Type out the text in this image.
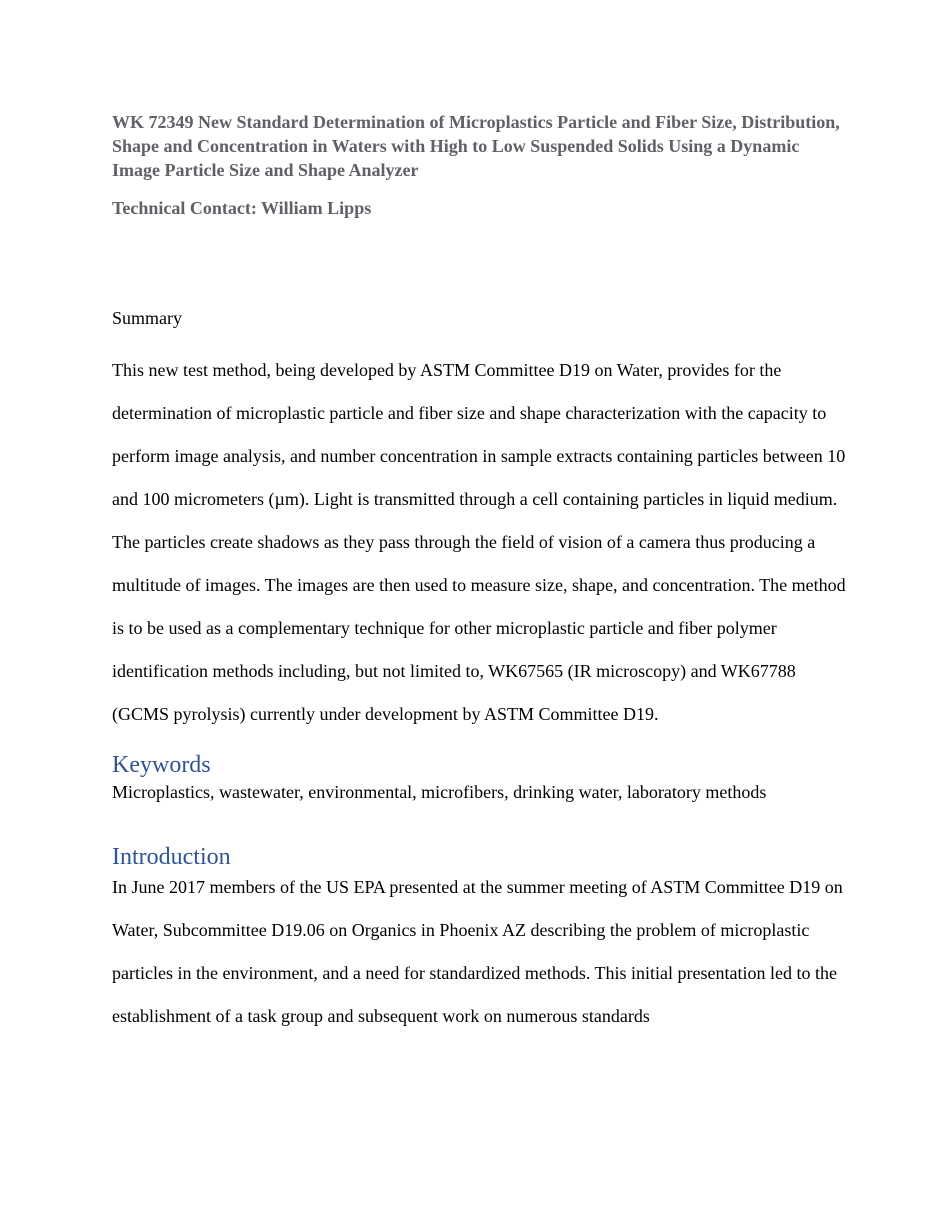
WK 72349 New Standard Determination of Microplastics Particle and Fiber Size, Distribution, Shape and Concentration in Waters with High to Low Suspended Solids Using a Dynamic Image Particle Size and Shape Analyzer

Technical Contact: William Lipps

Summary

This new test method, being developed by ASTM Committee D19 on Water, provides for the determination of microplastic particle and fiber size and shape characterization with the capacity to perform image analysis, and number concentration in sample extracts containing particles between 10 and 100 micrometers (µm). Light is transmitted through a cell containing particles in liquid medium. The particles create shadows as they pass through the field of vision of a camera thus producing a multitude of images. The images are then used to measure size, shape, and concentration. The method is to be used as a complementary technique for other microplastic particle and fiber polymer identification methods including, but not limited to, WK67565 (IR microscopy) and WK67788 (GCMS pyrolysis) currently under development by ASTM Committee D19.

Keywords

Microplastics, wastewater, environmental, microfibers, drinking water, laboratory methods

Introduction

In June 2017 members of the US EPA presented at the summer meeting of ASTM Committee D19 on Water, Subcommittee D19.06 on Organics in Phoenix AZ describing the problem of microplastic particles in the environment, and a need for standardized methods. This initial presentation led to the establishment of a task group and subsequent work on numerous standards
